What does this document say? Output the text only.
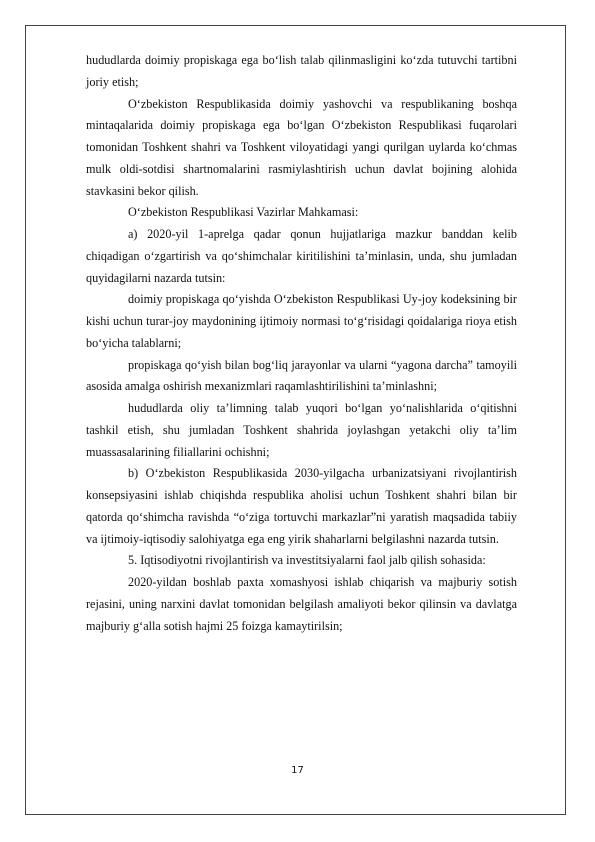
hududlarda doimiy propiskaga ega bo‘lish talab qilinmasligini ko‘zda tutuvchi tartibni joriy etish;

O‘zbekiston Respublikasida doimiy yashovchi va respublikaning boshqa mintaqalarida doimiy propiskaga ega bo‘lgan O‘zbekiston Respublikasi fuqarolari tomonidan Toshkent shahri va Toshkent viloyatidagi yangi qurilgan uylarda ko‘chmas mulk oldi-sotdisi shartnomalarini rasmiylashtirish uchun davlat bojining alohida stavkasini bekor qilish.

O‘zbekiston Respublikasi Vazirlar Mahkamasi:

a) 2020-yil 1-aprelga qadar qonun hujjatlariga mazkur banddan kelib chiqadigan o‘zgartirish va qo‘shimchalar kiritilishini ta’minlasin, unda, shu jumladan quyidagilarni nazarda tutsin:

doimiy propiskaga qo‘yishda O‘zbekiston Respublikasi Uy-joy kodeksining bir kishi uchun turar-joy maydonining ijtimoiy normasi to‘g‘risidagi qoidalariga rioya etish bo‘yicha talablarni;

propiskaga qo‘yish bilan bog‘liq jarayonlar va ularni “yagona darcha” tamoyili asosida amalga oshirish mexanizmlari raqamlashtirilishini ta’minlashni;

hududlarda oliy ta’limning talab yuqori bo‘lgan yo‘nalishlarida o‘qitishni tashkil etish, shu jumladan Toshkent shahrida joylashgan yetakchi oliy ta’lim muassasalarining filiallarini ochishni;

b) O‘zbekiston Respublikasida 2030-yilgacha urbanizatsiyani rivojlantirish konsepsiyasini ishlab chiqishda respublika aholisi uchun Toshkent shahri bilan bir qatorda qo‘shimcha ravishda “o‘ziga tortuvchi markazlar”ni yaratish maqsadida tabiiy va ijtimoiy-iqtisodiy salohiyatga ega eng yirik shaharlarni belgilashni nazarda tutsin.

5. Iqtisodiyotni rivojlantirish va investitsiyalarni faol jalb qilish sohasida:

2020-yildan boshlab paxta xomashyosi ishlab chiqarish va majburiy sotish rejasini, uning narxini davlat tomonidan belgilash amaliyoti bekor qilinsin va davlatga majburiy g‘alla sotish hajmi 25 foizga kamaytirilsin;

17
